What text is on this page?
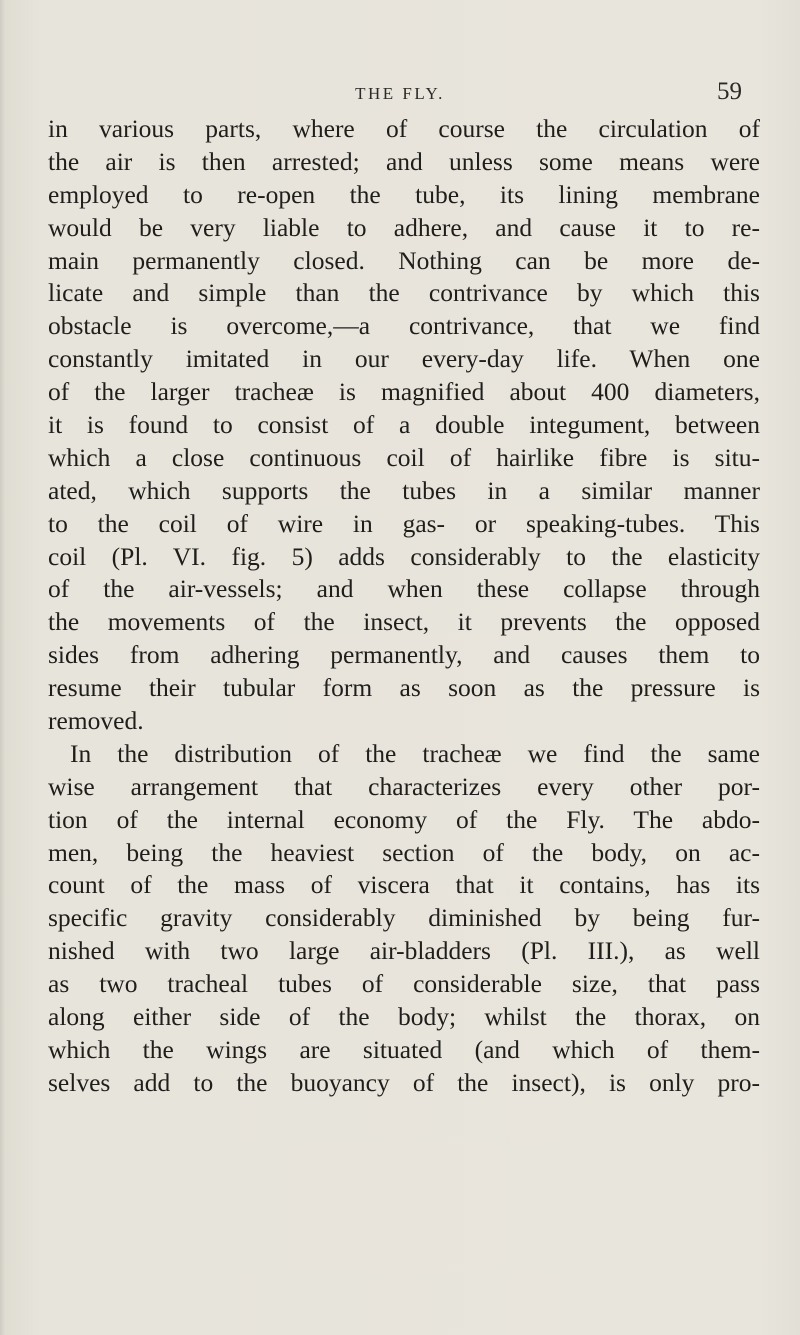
THE FLY.	59
in various parts, where of course the circulation of
the air is then arrested; and unless some means were
employed to re-open the tube, its lining membrane
would be very liable to adhere, and cause it to re-
main permanently closed. Nothing can be more de-
licate and simple than the contrivance by which this
obstacle is overcome,—a contrivance, that we find
constantly imitated in our every-day life. When one
of the larger tracheæ is magnified about 400 diameters,
it is found to consist of a double integument, between
which a close continuous coil of hairlike fibre is situ-
ated, which supports the tubes in a similar manner
to the coil of wire in gas- or speaking-tubes. This
coil (Pl. VI. fig. 5) adds considerably to the elasticity
of the air-vessels; and when these collapse through
the movements of the insect, it prevents the opposed
sides from adhering permanently, and causes them to
resume their tubular form as soon as the pressure is
removed.
In the distribution of the tracheæ we find the same
wise arrangement that characterizes every other por-
tion of the internal economy of the Fly. The abdo-
men, being the heaviest section of the body, on ac-
count of the mass of viscera that it contains, has its
specific gravity considerably diminished by being fur-
nished with two large air-bladders (Pl. III.), as well
as two tracheal tubes of considerable size, that pass
along either side of the body; whilst the thorax, on
which the wings are situated (and which of them-
selves add to the buoyancy of the insect), is only pro-
